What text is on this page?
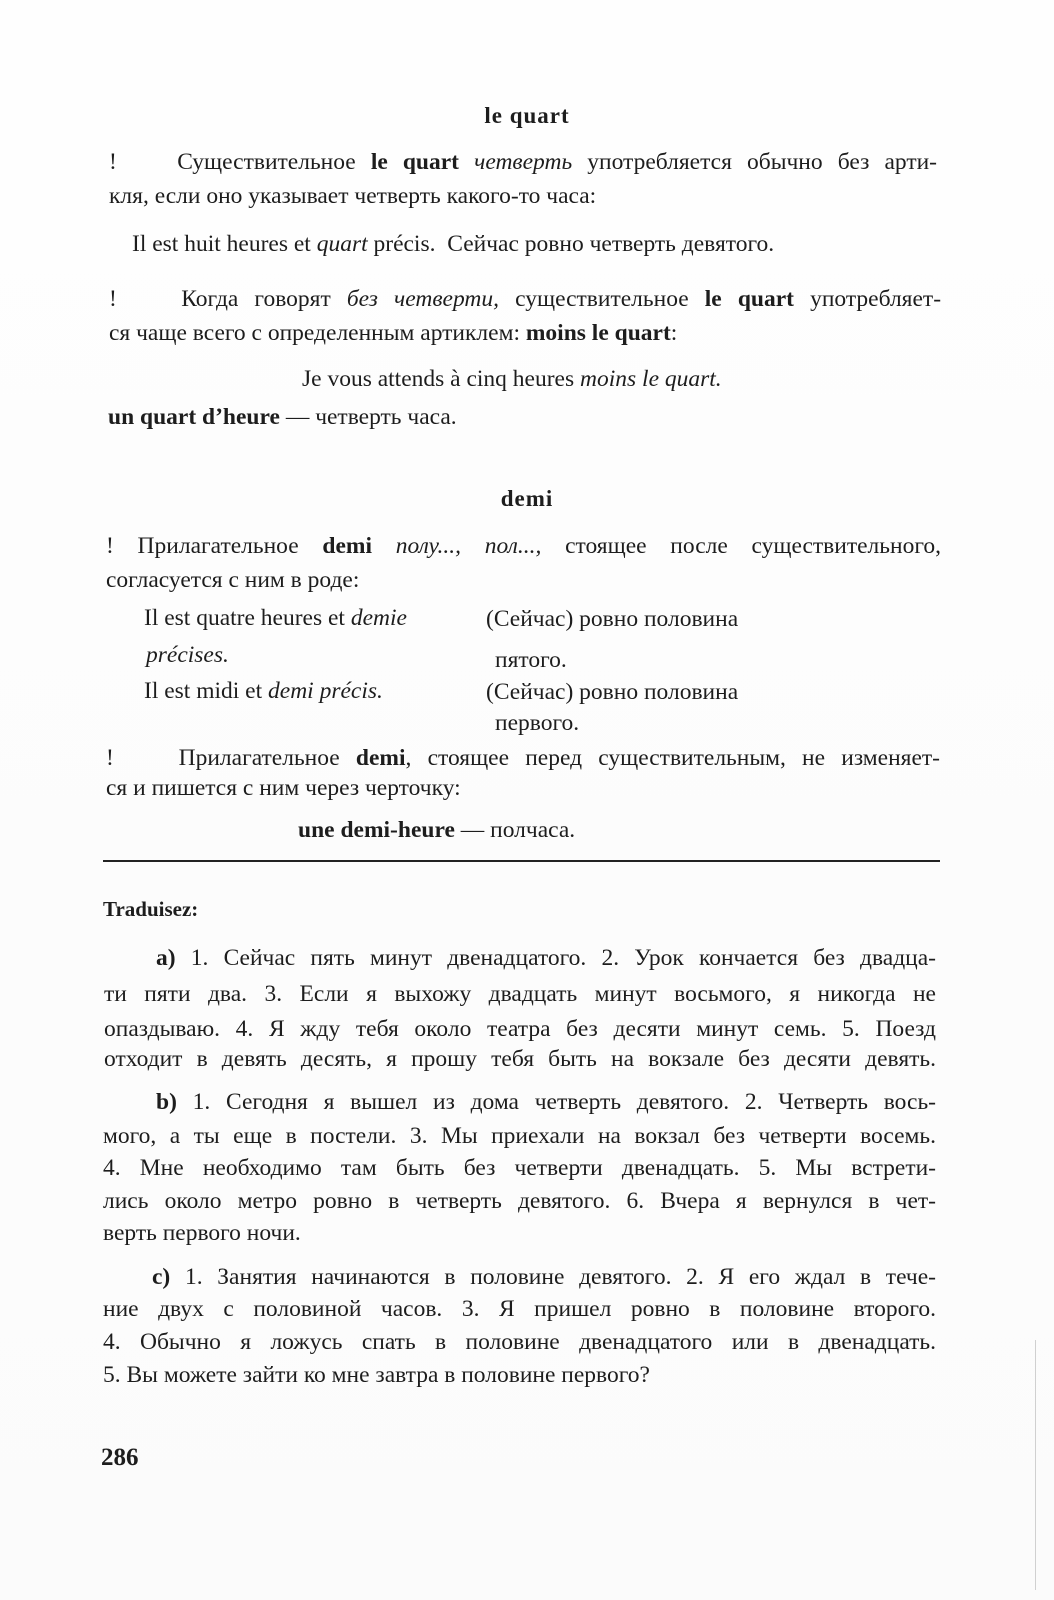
le quart
!	Существительное le quart четверть употребляется обычно без арти-
кля, если оно указывает четверть какого-то часа:
Il est huit heures et quart précis. Сейчас ровно четверть девятого.
!	Когда говорят без четверти, существительное le quart употребляет-
ся чаще всего с определенным артиклем: moins le quart:
Je vous attends à cinq heures moins le quart.
un quart d’heure — четверть часа.
demi
! Прилагательное demi полу..., пол..., стоящее после существительного,
согласуется с ним в роде:
Il est quatre heures et demie	(Сейчас) ровно половина
précises.	пятого.
Il est midi et demi précis.	(Сейчас) ровно половина
первого.
!	Прилагательное demi, стоящее перед существительным, не изменяет-
ся и пишется с ним через черточку:
une demi-heure — полчаса.
Traduisez:
а) 1. Сейчас пять минут двенадцатого. 2. Урок кончается без двадца-
ти пяти два. 3. Если я выхожу двадцать минут восьмого, я никогда не
опаздываю. 4. Я жду тебя около театра без десяти минут семь. 5. Поезд
отходит в девять десять, я прошу тебя быть на вокзале без десяти девять.
b) 1. Сегодня я вышел из дома четверть девятого. 2. Четверть вось-
мого, а ты еще в постели. 3. Мы приехали на вокзал без четверти восемь.
4. Мне необходимо там быть без четверти двенадцать. 5. Мы встрети-
лись около метро ровно в четверть девятого. 6. Вчера я вернулся в чет-
верть первого ночи.
с) 1. Занятия начинаются в половине девятого. 2. Я его ждал в тече-
ние двух с половиной часов. 3. Я пришел ровно в половине второго.
4. Обычно я ложусь спать в половине двенадцатого или в двенадцать.
5. Вы можете зайти ко мне завтра в половине первого?
286
